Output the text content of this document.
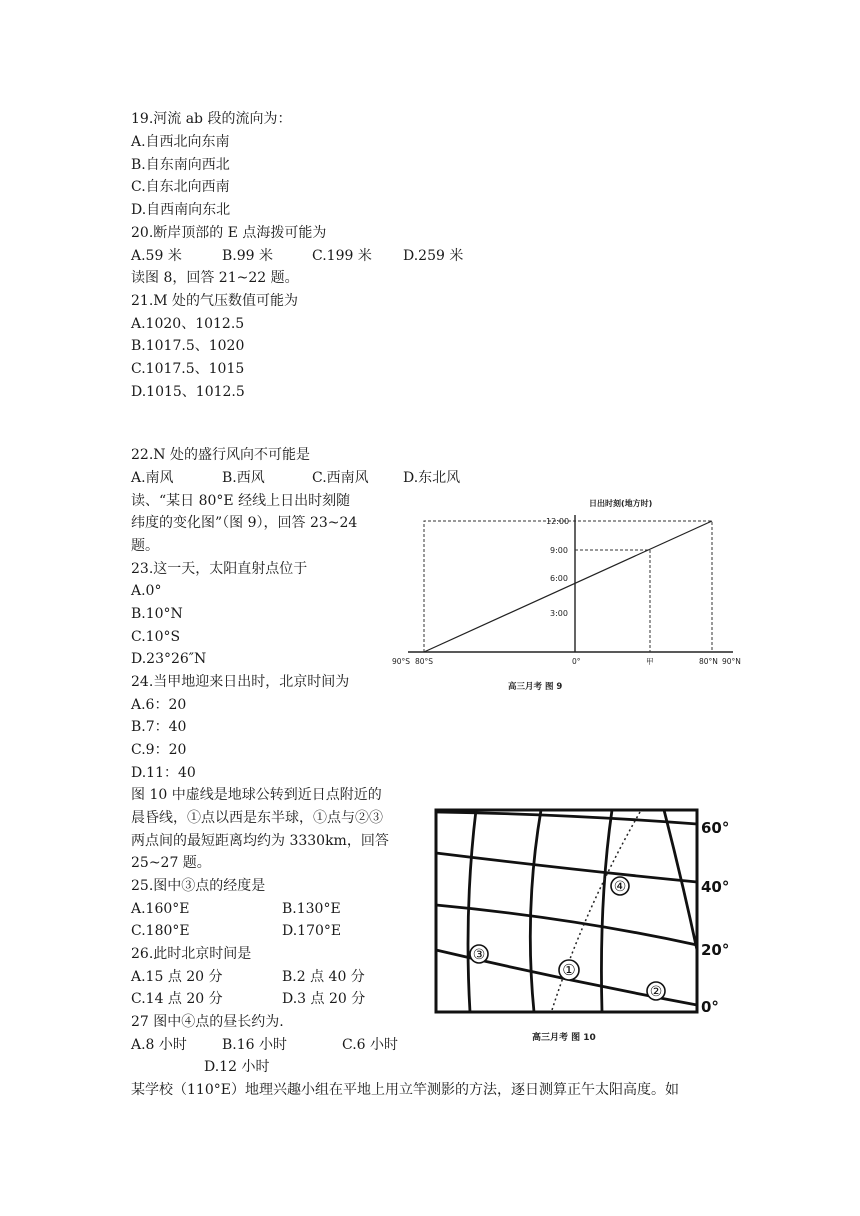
19.河流 ab 段的流向为：
A.自西北向东南
B.自东南向西北
C.自东北向西南
D.自西南向东北
20.断岸顶部的 E 点海拨可能为
A.59 米	B.99 米	C.199 米 D.259 米
读图 8，回答 21~22 题。
21.M 处的气压数值可能为
A.1020、1012.5
B.1017.5、1020
C.1017.5、1015
D.1015、1012.5
22.N 处的盛行风向不可能是
A.南风	B.西风	C.西南风 D.东北风
读、“某日 80°E 经线上日出时刻随
纬度的变化图”（图 9），回答 23~24
题。
23.这一天，太阳直射点位于
A.0°
B.10°N
C.10°S
D.23°26″N
24.当甲地迎来日出时，北京时间为
A.6：20
B.7：40
C.9：20
D.11：40
图 10 中虚线是地球公转到近日点附近的
晨昏线，①点以西是东半球，①点与②③
两点间的最短距离均约为 3330km，回答
25~27 题。
25.图中③点的经度是
A.160°E	B.130°E
C.180°E	D.170°E
26.此时北京时间是
A.15 点 20 分	B.2 点 40 分
C.14 点 20 分	D.3 点 20 分
27 图中④点的昼长约为.
A.8 小时	B.16 小时	C.6 小时
D.12 小时
某学校（110°E）地理兴趣小组在平地上用立竿测影的方法，逐日测算正午太阳高度。如
日出时刻(地方时)
12:00
9:00
6:00
3:00
90°S 80°S	0°	甲	80°N 90°N
高三月考 图 9
③
④
①
②
60°
40°
20°
0°
高三月考 图 10
